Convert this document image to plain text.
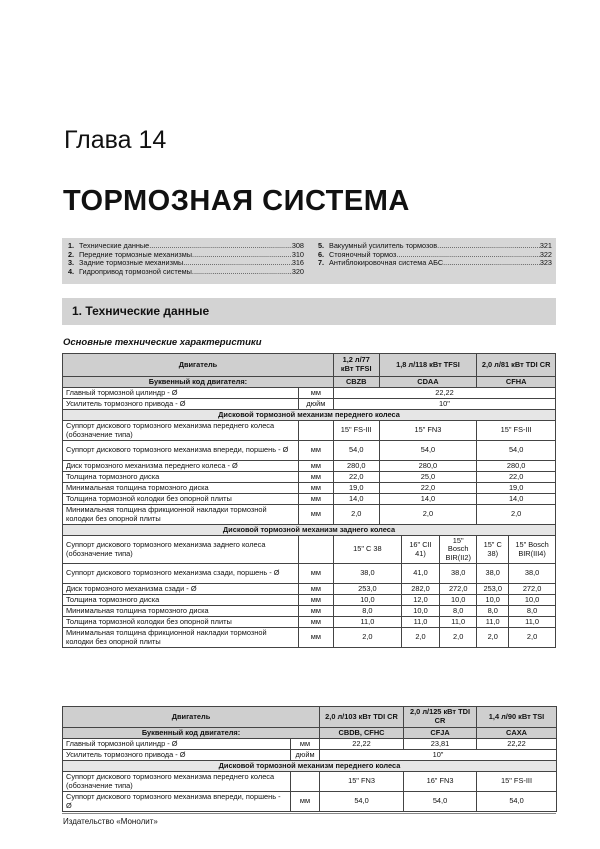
Глава 14
ТОРМОЗНАЯ СИСТЕМА
1. Технические данные .....	308
2. Передние тормозные механизмы .....	310
3. Задние тормозные механизмы .....	316
4. Гидропривод тормозной системы .....	320
5. Вакуумный усилитель тормозов .....	321
6. Стояночный тормоз .....	322
7. Антиблокировочная система АБС .....	323
1. Технические данные
Основные технические характеристики
Двигатель		1,2 л/77 кВт TFSI	1,8 л/118 кВт TFSI			2,0 л/81 кВт TDI CR	
Буквенный код двигателя:		CBZB	CDAA			CFHA	
Главный тормозной цилиндр - Ø	мм	22,22					
Усилитель тормозного привода - Ø	дюйм	10"					
Дисковой тормозной механизм переднего колеса							
Суппорт дискового тормозного механизма переднего колеса (обозначение типа)		15" FS-III	15" FN3			15" FS-III	
Суппорт дискового тормозного механизма впереди, поршень - Ø	мм	54,0	54,0			54,0	
Диск тормозного механизма переднего колеса - Ø	мм	280,0	280,0			280,0	
Толщина тормозного диска	мм	22,0	25,0			22,0	
Минимальная толщина тормозного диска	мм	19,0	22,0			19,0	
Толщина тормозной колодки без опорной плиты	мм	14,0	14,0			14,0	
Минимальная толщина фрикционной накладки тормозной колодки без опорной плиты	мм	2,0	2,0			2,0	
Дисковой тормозной механизм заднего колеса							
Суппорт дискового тормозного механизма заднего колеса (обозначение типа)		15" C 38		16" CII 41)	15" Bosch BIR(II2)	15" C 38)	15" Bosch BIR(III4)
Суппорт дискового тормозного механизма сзади, поршень - Ø	мм	38,0		41,0	38,0	38,0	38,0
Диск тормозного механизма сзади - Ø	мм	253,0		282,0	272,0	253,0	272,0
Толщина тормозного диска	мм	10,0		12,0	10,0	10,0	10,0
Минимальная толщина тормозного диска	мм	8,0		10,0	8,0	8,0	8,0
Толщина тормозной колодки без опорной плиты	мм	11,0		11,0	11,0	11,0	11,0
Минимальная толщина фрикционной накладки тормозной колодки без опорной плиты	мм	2,0		2,0	2,0	2,0	2,0
Двигатель		2,0 л/103 кВт TDI CR	2,0 л/125 кВт TDI CR	1,4 л/90 кВт TSI
Буквенный код двигателя:		CBDB, CFHC	CFJA	CAXA
Главный тормозной цилиндр - Ø	мм	22,22	23,81	22,22
Усилитель тормозного привода - Ø	дюйм	10"		
Дисковой тормозной механизм переднего колеса				
Суппорт дискового тормозного механизма переднего колеса (обозначение типа)		15" FN3	16" FN3	15" FS-III
Суппорт дискового тормозного механизма впереди, поршень - Ø	мм	54,0	54,0	54,0
Издательство «Монолит»
